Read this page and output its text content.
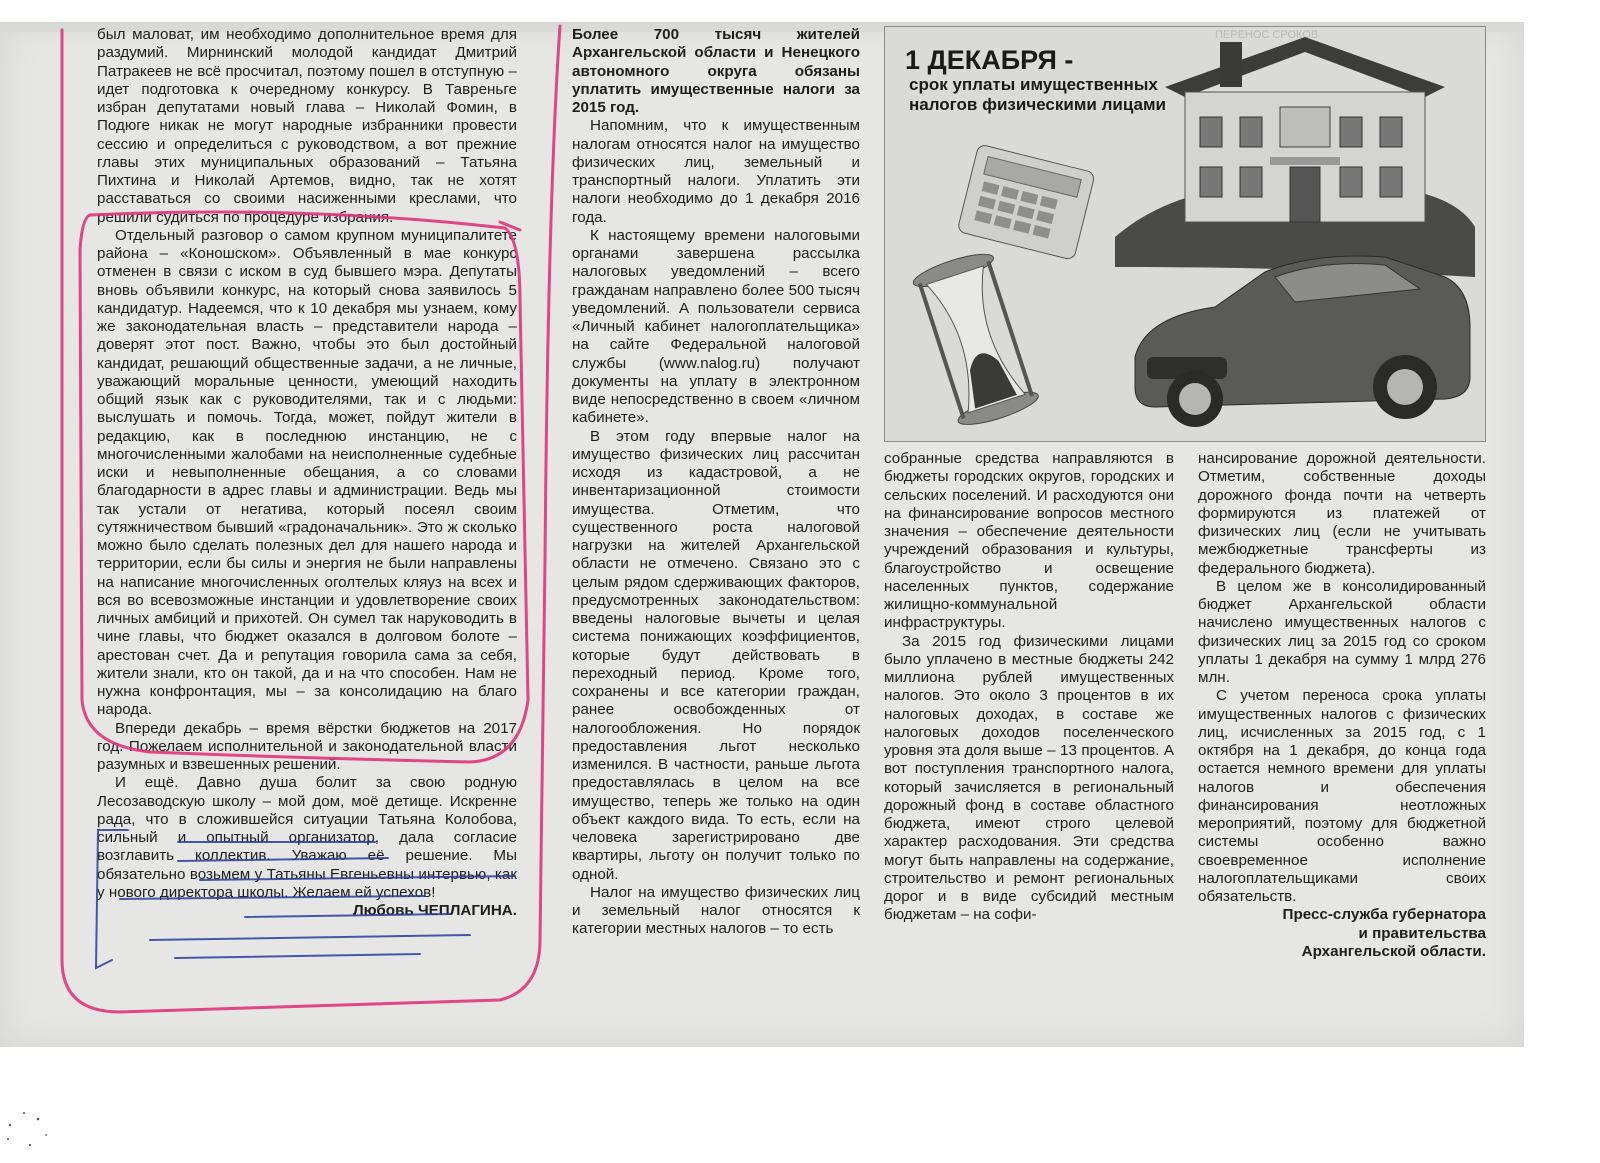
был маловат, им необходимо дополнительное время для раздумий. Мирнинский молодой кандидат Дмитрий Патракеев не всё просчитал, поэтому пошел в отступную – идет подготовка к очередному конкурсу. В Тавреньге избран депутатами новый глава – Николай Фомин, в Подюге никак не могут народные избранники провести сессию и определиться с руководством, а вот прежние главы этих муниципальных образований – Татьяна Пихтина и Николай Артемов, видно, так не хотят расставаться со своими насиженными креслами, что решили судиться по процедуре избрания.

Отдельный разговор о самом крупном муниципалитете района – «Коношском». Объявленный в мае конкурс отменен в связи с иском в суд бывшего мэра. Депутаты вновь объявили конкурс, на который снова заявилось 5 кандидатур. Надеемся, что к 10 декабря мы узнаем, кому же законодательная власть – представители народа – доверят этот пост. Важно, чтобы это был достойный кандидат, решающий общественные задачи, а не личные, уважающий моральные ценности, умеющий находить общий язык как с руководителями, так и с людьми: выслушать и помочь. Тогда, может, пойдут жители в редакцию, как в последнюю инстанцию, не с многочисленными жалобами на неисполненные судебные иски и невыполненные обещания, а со словами благодарности в адрес главы и администрации. Ведь мы так устали от негатива, который посеял своим сутяжничеством бывший «градоначальник». Это ж сколько можно было сделать полезных дел для нашего народа и территории, если бы силы и энергия не были направлены на написание многочисленных оголтелых кляуз на всех и вся во всевозможные инстанции и удовлетворение своих личных амбиций и прихотей. Он сумел так наруководить в чине главы, что бюджет оказался в долговом болоте – арестован счет. Да и репутация говорила сама за себя, жители знали, кто он такой, да и на что способен. Нам не нужна конфронтация, мы – за консолидацию на благо народа.

Впереди декабрь – время вёрстки бюджетов на 2017 год. Пожелаем исполнительной и законодательной власти разумных и взвешенных решений.

И ещё. Давно душа болит за свою родную Лесозаводскую школу – мой дом, моё детище. Искренне рада, что в сложившейся ситуации Татьяна Колобова, сильный и опытный организатор, дала согласие возглавить коллектив. Уважаю её решение. Мы обязательно возьмем у Татьяны Евгеньевны интервью, как у нового директора школы. Желаем ей успехов!

Любовь ЧЕПЛАГИНА.

Более 700 тысяч жителей Архангельской области и Ненецкого автономного округа обязаны уплатить имущественные налоги за 2015 год.

Напомним, что к имущественным налогам относятся налог на имущество физических лиц, земельный и транспортный налоги. Уплатить эти налоги необходимо до 1 декабря 2016 года.

К настоящему времени налоговыми органами завершена рассылка налоговых уведомлений – всего гражданам направлено более 500 тысяч уведомлений. А пользователи сервиса «Личный кабинет налогоплательщика» на сайте Федеральной налоговой службы (www.nalog.ru) получают документы на уплату в электронном виде непосредственно в своем «личном кабинете».

В этом году впервые налог на имущество физических лиц рассчитан исходя из кадастровой, а не инвентаризационной стоимости имущества. Отметим, что существенного роста налоговой нагрузки на жителей Архангельской области не отмечено. Связано это с целым рядом сдерживающих факторов, предусмотренных законодательством: введены налоговые вычеты и целая система понижающих коэффициентов, которые будут действовать в переходный период. Кроме того, сохранены и все категории граждан, ранее освобожденных от налогообложения. Но порядок предоставления льгот несколько изменился. В частности, раньше льгота предоставлялась в целом на все имущество, теперь же только на один объект каждого вида. То есть, если на человека зарегистрировано две квартиры, льготу он получит только по одной.

Налог на имущество физических лиц и земельный налог относятся к категории местных налогов – то есть

ПЕРЕНОС СРОКОВ
1 ДЕКАБРЯ -
срок уплаты имущественных налогов физическими лицами

собранные средства направляются в бюджеты городских округов, городских и сельских поселений. И расходуются они на финансирование вопросов местного значения – обеспечение деятельности учреждений образования и культуры, благоустройство и освещение населенных пунктов, содержание жилищно-коммунальной инфраструктуры.

За 2015 год физическими лицами было уплачено в местные бюджеты 242 миллиона рублей имущественных налогов. Это около 3 процентов в их налоговых доходах, в составе же налоговых доходов поселенческого уровня эта доля выше – 13 процентов. А вот поступления транспортного налога, который зачисляется в региональный дорожный фонд в составе областного бюджета, имеют строго целевой характер расходования. Эти средства могут быть направлены на содержание, строительство и ремонт региональных дорог и в виде субсидий местным бюджетам – на софи-

нансирование дорожной деятельности. Отметим, собственные доходы дорожного фонда почти на четверть формируются из платежей от физических лиц (если не учитывать межбюджетные трансферты из федерального бюджета).

В целом же в консолидированный бюджет Архангельской области начислено имущественных налогов с физических лиц за 2015 год со сроком уплаты 1 декабря на сумму 1 млрд 276 млн.

С учетом переноса срока уплаты имущественных налогов с физических лиц, исчисленных за 2015 год, с 1 октября на 1 декабря, до конца года остается немного времени для уплаты налогов и обеспечения финансирования неотложных мероприятий, поэтому для бюджетной системы особенно важно своевременное исполнение налогоплательщиками своих обязательств.

Пресс-служба губернатора

и правительства

Архангельской области.
